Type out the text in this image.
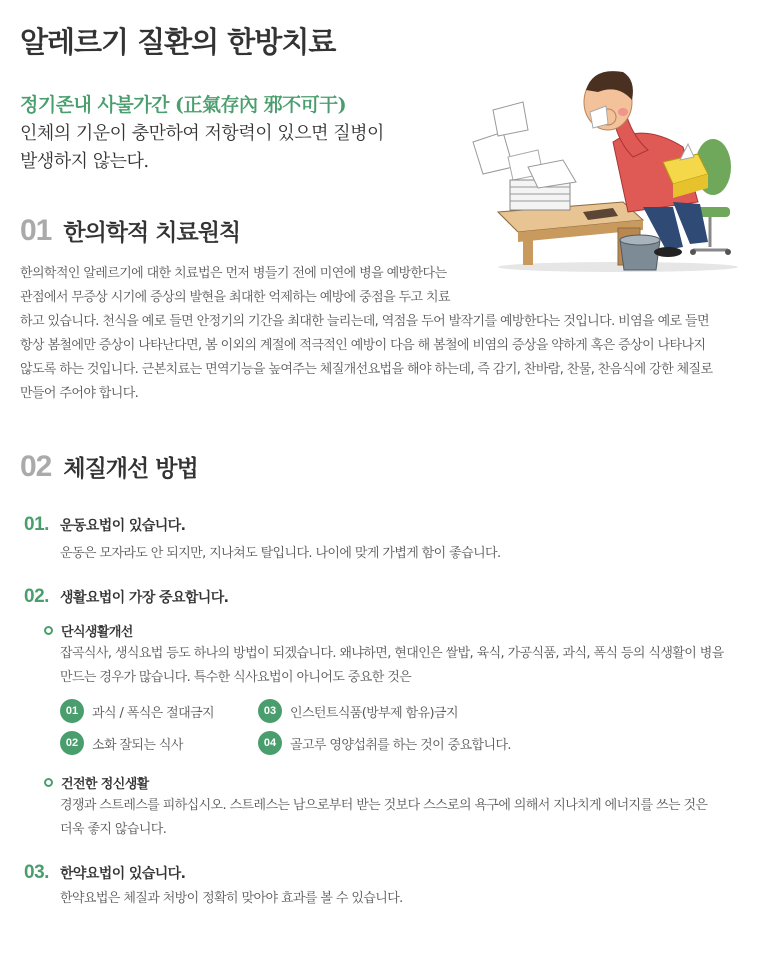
알레르기 질환의 한방치료
정기존내 사불가간 (正氣存內 邪不可干)

인체의 기운이 충만하여 저항력이 있으면 질병이
발생하지 않는다.

01 한의학적 치료원칙

한의학적인 알레르기에 대한 치료법은 먼저 병들기 전에 미연에 병을 예방한다는
관점에서 무증상 시기에 증상의 발현을 최대한 억제하는 예방에 중점을 두고 치료
하고 있습니다. 천식을 예로 들면 안정기의 기간을 최대한 늘리는데, 역점을 두어 발작기를 예방한다는 것입니다. 비염을 예로 들면
항상 봄철에만 증상이 나타난다면, 봄 이외의 계절에 적극적인 예방이 다음 해 봄철에 비염의 증상을 약하게 혹은 증상이 나타나지
않도록 하는 것입니다. 근본치료는 면역기능을 높여주는 체질개선요법을 해야 하는데, 즉 감기, 찬바람, 찬물, 찬음식에 강한 체질로
만들어 주어야 합니다.

02 체질개선 방법
01. 운동요법이 있습니다.

운동은 모자라도 안 되지만, 지나쳐도 탈입니다. 나이에 맞게 가볍게 함이 좋습니다.

02. 생활요법이 가장 중요합니다.
단식생활개선

잡곡식사, 생식요법 등도 하나의 방법이 되겠습니다. 왜냐하면, 현대인은 쌀밥, 육식, 가공식품, 과식, 폭식 등의 식생활이 병을
만드는 경우가 많습니다. 특수한 식사요법이 아니어도 중요한 것은

01	과식 / 폭식은 절대금지	03	인스턴트식품(방부제 함유)금지
02	소화 잘되는 식사	04	골고루 영양섭취를 하는 것이 중요합니다.
건전한 정신생활

경쟁과 스트레스를 피하십시오. 스트레스는 남으로부터 받는 것보다 스스로의 욕구에 의해서 지나치게 에너지를 쓰는 것은
더욱 좋지 않습니다.

03. 한약요법이 있습니다.

한약요법은 체질과 처방이 정확히 맞아야 효과를 볼 수 있습니다.
